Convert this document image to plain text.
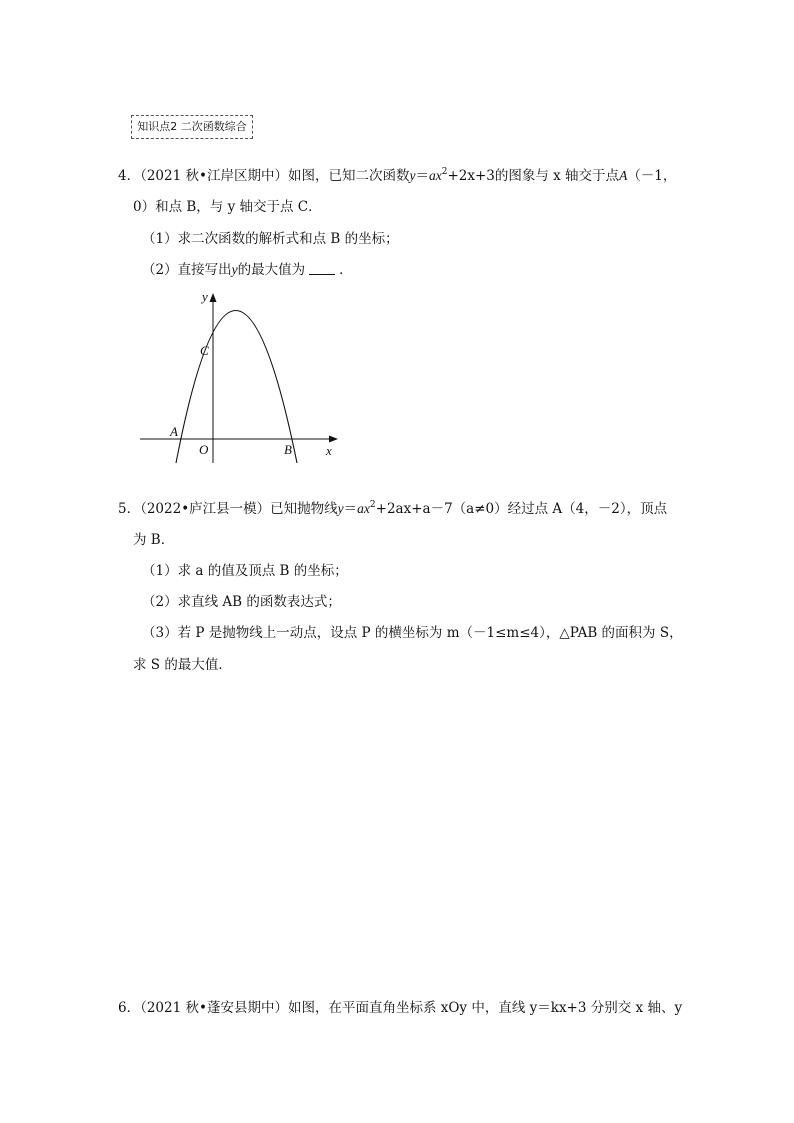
知识点2 二次函数综合
4．（2021 秋•江岸区期中）如图，已知二次函数$y=ax^2+2x+3$的图象与 x 轴交于点A（－1，
0）和点 B，与 y 轴交于点 C．
（1）求二次函数的解析式和点 B 的坐标；
（2）直接写出y的最大值为	．
y
x
C
A
O	B
5．（2022•庐江县一模）已知抛物线$y=ax^2+2ax+a-7(a\ne 0)$经过点 A（4，－2），顶点
为 B．
（1）求 a 的值及顶点 B 的坐标；
（2）求直线 AB 的函数表达式；
（3）若 P 是抛物线上一动点，设点 P 的横坐标为 m（－1≤m≤4），△PAB 的面积为 S，
求 S 的最大值．
6．（2021 秋•蓬安县期中）如图，在平面直角坐标系 xOy 中，直线 y＝kx+3 分别交 x 轴、y
